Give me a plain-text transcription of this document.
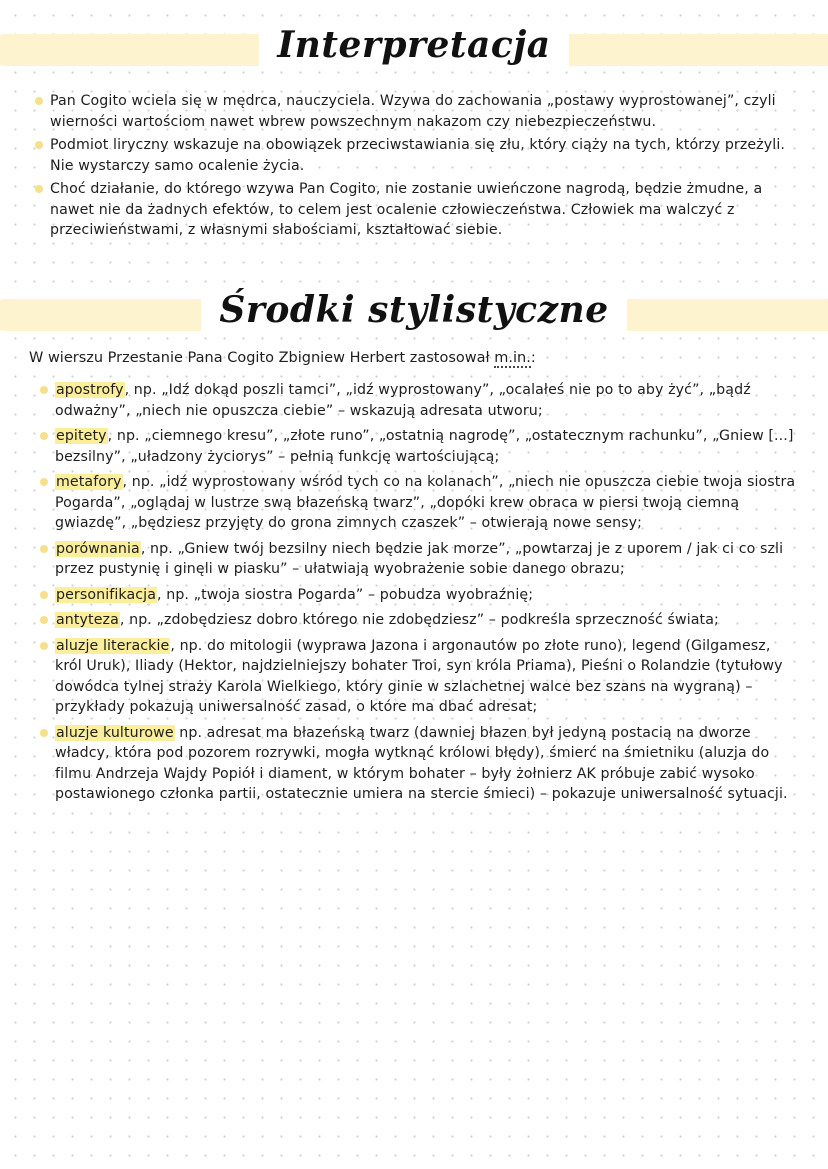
Interpretacja
Pan Cogito wciela się w mędrca, nauczyciela. Wzywa do zachowania „postawy wyprostowanej”, czyli wierności wartościom nawet wbrew powszechnym nakazom czy niebezpieczeństwu.
Podmiot liryczny wskazuje na obowiązek przeciwstawiania się złu, który ciąży na tych, którzy przeżyli. Nie wystarczy samo ocalenie życia.
Choć działanie, do którego wzywa Pan Cogito, nie zostanie uwieńczone nagrodą, będzie żmudne, a nawet nie da żadnych efektów, to celem jest ocalenie człowieczeństwa. Człowiek ma walczyć z przeciwieństwami, z własnymi słabościami, kształtować siebie.
Środki stylistyczne
W wierszu Przestanie Pana Cogito Zbigniew Herbert zastosował m.in.:
apostrofy, np. „Idź dokąd poszli tamci”, „idź wyprostowany”, „ocalałeś nie po to aby żyć”, „bądź odważny”, „niech nie opuszcza ciebie” – wskazują adresata utworu;
epitety, np. „ciemnego kresu”, „złote runo”, „ostatnią nagrodę”, „ostatecznym rachunku”, „Gniew [...] bezsilny”, „uładzony życiorys” – pełnią funkcję wartościującą;
metafory, np. „idź wyprostowany wśród tych co na kolanach”, „niech nie opuszcza ciebie twoja siostra Pogarda”, „oglądaj w lustrze swą błazeńską twarz”, „dopóki krew obraca w piersi twoją ciemną gwiazdę”, „będziesz przyjęty do grona zimnych czaszek” – otwierają nowe sensy;
porównania, np. „Gniew twój bezsilny niech będzie jak morze”, „powtarzaj je z uporem / jak ci co szli przez pustynię i ginęli w piasku” – ułatwiają wyobrażenie sobie danego obrazu;
personifikacja, np. „twoja siostra Pogarda” – pobudza wyobraźnię;
antyteza, np. „zdobędziesz dobro którego nie zdobędziesz” – podkreśla sprzeczność świata;
aluzje literackie, np. do mitologii (wyprawa Jazona i argonautów po złote runo), legend (Gilgamesz, król Uruk), Iliady (Hektor, najdzielniejszy bohater Troi, syn króla Priama), Pieśni o Rolandzie (tytułowy dowódca tylnej straży Karola Wielkiego, który ginie w szlachetnej walce bez szans na wygraną) – przykłady pokazują uniwersalność zasad, o które ma dbać adresat;
aluzje kulturowe np. adresat ma błazeńską twarz (dawniej błazen był jedyną postacią na dworze władcy, która pod pozorem rozrywki, mogła wytknąć królowi błędy), śmierć na śmietniku (aluzja do filmu Andrzeja Wajdy Popiół i diament, w którym bohater – były żołnierz AK próbuje zabić wysoko postawionego członka partii, ostatecznie umiera na stercie śmieci) – pokazuje uniwersalność sytuacji.
